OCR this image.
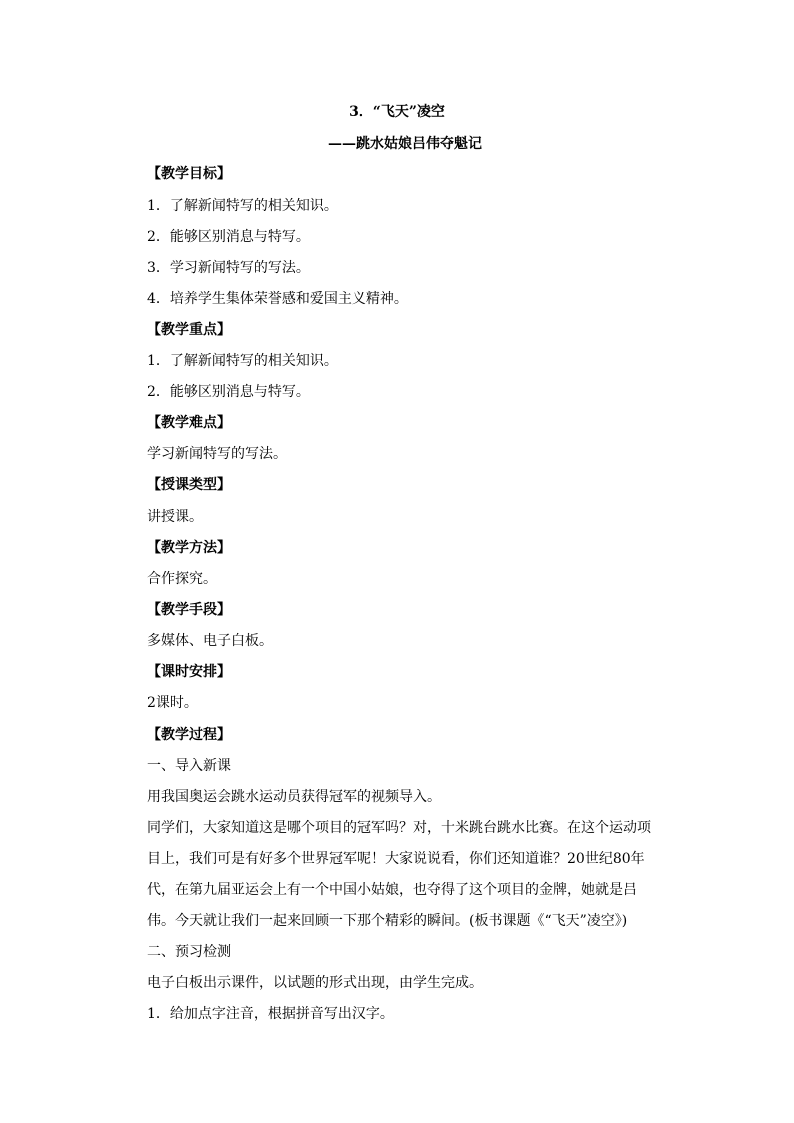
3．“飞天”凌空
——跳水姑娘吕伟夺魁记
【教学目标】
1．了解新闻特写的相关知识。
2．能够区别消息与特写。
3．学习新闻特写的写法。
4．培养学生集体荣誉感和爱国主义精神。
【教学重点】
1．了解新闻特写的相关知识。
2．能够区别消息与特写。
【教学难点】
学习新闻特写的写法。
【授课类型】
讲授课。
【教学方法】
合作探究。
【教学手段】
多媒体、电子白板。
【课时安排】
2课时。
【教学过程】
一、导入新课
用我国奥运会跳水运动员获得冠军的视频导入。
同学们，大家知道这是哪个项目的冠军吗？对，十米跳台跳水比赛。在这个运动项目上，我们可是有好多个世界冠军呢！大家说说看，你们还知道谁？20世纪80年代，在第九届亚运会上有一个中国小姑娘，也夺得了这个项目的金牌，她就是吕伟。今天就让我们一起来回顾一下那个精彩的瞬间。(板书课题《“飞天”凌空》)
二、预习检测
电子白板出示课件，以试题的形式出现，由学生完成。
1．给加点字注音，根据拼音写出汉字。
